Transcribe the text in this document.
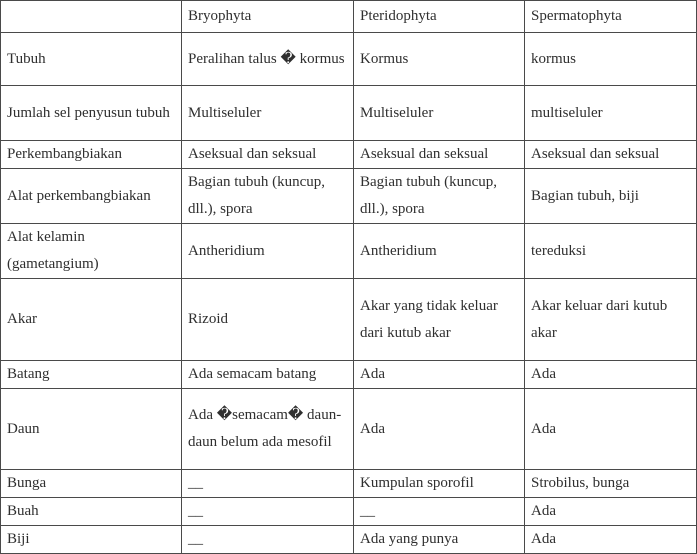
	Bryophyta	Pteridophyta	Spermatophyta
Tubuh	Peralihan talus � kormus	Kormus	kormus
Jumlah sel penyusun tubuh	Multiseluler	Multiseluler	multiseluler
Perkembangbiakan	Aseksual dan seksual	Aseksual dan seksual	Aseksual dan seksual
Alat perkembangbiakan	Bagian tubuh (kuncup, dll.), spora	Bagian tubuh (kuncup, dll.), spora	Bagian tubuh, biji
Alat kelamin (gametangium)	Antheridium	Antheridium	tereduksi
Akar	Rizoid	Akar yang tidak keluar dari kutub akar	Akar keluar dari kutub akar
Batang	Ada semacam batang	Ada	Ada
Daun	Ada �semacam� daun-daun belum ada mesofil	Ada	Ada
Bunga	__	Kumpulan sporofil	Strobilus, bunga
Buah	__	__	Ada
Biji	__	Ada yang punya	Ada
